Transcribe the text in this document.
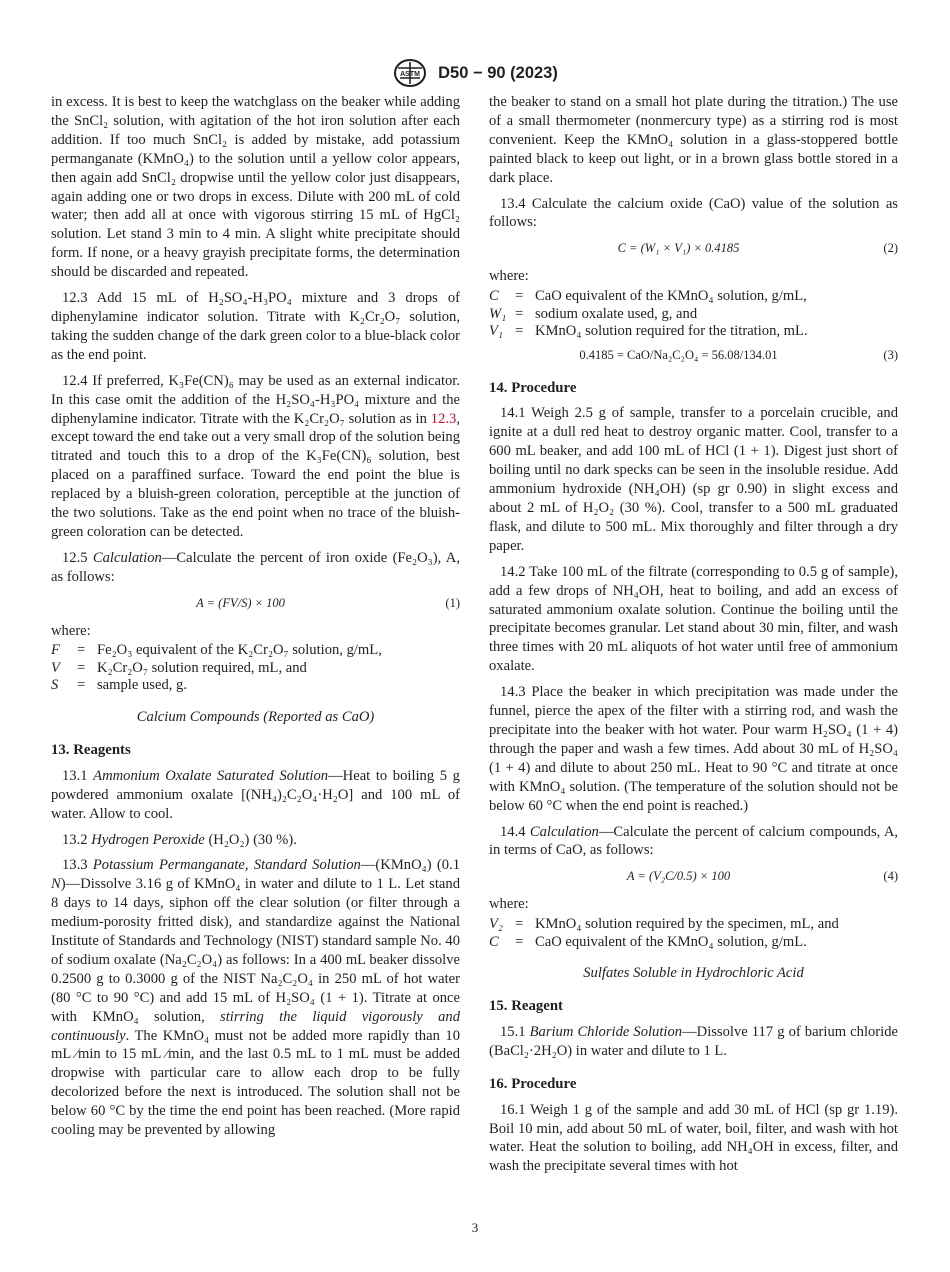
ASTM D50 − 90 (2023)

in excess. It is best to keep the watchglass on the beaker while adding the SnCl₂ solution, with agitation of the hot iron solution after each addition. If too much SnCl₂ is added by mistake, add potassium permanganate (KMnO₄) to the solution until a yellow color appears, then again add SnCl₂ dropwise until the yellow color just disappears, again adding one or two drops in excess. Dilute with 200 mL of cold water; then add all at once with vigorous stirring 15 mL of HgCl₂ solution. Let stand 3 min to 4 min. A slight white precipitate should form. If none, or a heavy grayish precipitate forms, the determination should be discarded and repeated.

12.3 Add 15 mL of H₂SO₄-H₃PO₄ mixture and 3 drops of diphenylamine indicator solution. Titrate with K₂Cr₂O₇ solution, taking the sudden change of the dark green color to a blue-black color as the end point.

12.4 If preferred, K₃Fe(CN)₆ may be used as an external indicator. In this case omit the addition of the H₂SO₄-H₃PO₄ mixture and the diphenylamine indicator. Titrate with the K₂Cr₂O₇ solution as in 12.3, except toward the end take out a very small drop of the solution being titrated and touch this to a drop of the K₃Fe(CN)₆ solution, best placed on a paraffined surface. Toward the end point the blue is replaced by a bluish-green coloration, perceptible at the junction of the two solutions. Take as the end point when no trace of the bluish-green coloration can be detected.

12.5 Calculation—Calculate the percent of iron oxide (Fe₂O₃), A, as follows:

A = (FV/S) × 100	(1)

where:

F	= Fe₂O₃ equivalent of the K₂Cr₂O₇ solution, g/mL,
V	= K₂Cr₂O₇ solution required, mL, and
S	= sample used, g.

Calcium Compounds (Reported as CaO)

13. Reagents

13.1 Ammonium Oxalate Saturated Solution—Heat to boiling 5 g powdered ammonium oxalate [(NH₄)₂C₂O₄·H₂O] and 100 mL of water. Allow to cool.

13.2 Hydrogen Peroxide (H₂O₂) (30 %).

13.3 Potassium Permanganate, Standard Solution—(KMnO₄) (0.1 N)—Dissolve 3.16 g of KMnO₄ in water and dilute to 1 L. Let stand 8 days to 14 days, siphon off the clear solution (or filter through a medium-porosity fritted disk), and standardize against the National Institute of Standards and Technology (NIST) standard sample No. 40 of sodium oxalate (Na₂C₂O₄) as follows: In a 400 mL beaker dissolve 0.2500 g to 0.3000 g of the NIST Na₂C₂O₄ in 250 mL of hot water (80 °C to 90 °C) and add 15 mL of H₂SO₄ (1 + 1). Titrate at once with KMnO₄ solution, stirring the liquid vigorously and continuously. The KMnO₄ must not be added more rapidly than 10 mL ⁄min to 15 mL ⁄min, and the last 0.5 mL to 1 mL must be added dropwise with particular care to allow each drop to be fully decolorized before the next is introduced. The solution shall not be below 60 °C by the time the end point has been reached. (More rapid cooling may be prevented by allowing

the beaker to stand on a small hot plate during the titration.) The use of a small thermometer (nonmercury type) as a stirring rod is most convenient. Keep the KMnO₄ solution in a glass-stoppered bottle painted black to keep out light, or in a brown glass bottle stored in a dark place.

13.4 Calculate the calcium oxide (CaO) value of the solution as follows:

C = (W₁ × V₁) × 0.4185	(2)

where:

C	= CaO equivalent of the KMnO₄ solution, g/mL,
W₁ = sodium oxalate used, g, and
V₁ = KMnO₄ solution required for the titration, mL.
0.4185 = CaO/Na₂C₂O₄ = 56.08/134.01	(3)
14. Procedure

14.1 Weigh 2.5 g of sample, transfer to a porcelain crucible, and ignite at a dull red heat to destroy organic matter. Cool, transfer to a 600 mL beaker, and add 100 mL of HCl (1 + 1). Digest just short of boiling until no dark specks can be seen in the insoluble residue. Add ammonium hydroxide (NH₄OH) (sp gr 0.90) in slight excess and about 2 mL of H₂O₂ (30 %). Cool, transfer to a 500 mL graduated flask, and dilute to 500 mL. Mix thoroughly and filter through a dry paper.

14.2 Take 100 mL of the filtrate (corresponding to 0.5 g of sample), add a few drops of NH₄OH, heat to boiling, and add an excess of saturated ammonium oxalate solution. Continue the boiling until the precipitate becomes granular. Let stand about 30 min, filter, and wash three times with 20 mL aliquots of hot water until free of ammonium oxalate.

14.3 Place the beaker in which precipitation was made under the funnel, pierce the apex of the filter with a stirring rod, and wash the precipitate into the beaker with hot water. Pour warm H₂SO₄ (1 + 4) through the paper and wash a few times. Add about 30 mL of H₂SO₄ (1 + 4) and dilute to about 250 mL. Heat to 90 °C and titrate at once with KMnO₄ solution. (The temperature of the solution should not be below 60 °C when the end point is reached.)

14.4 Calculation—Calculate the percent of calcium compounds, A, in terms of CaO, as follows:

A = (V₂C/0.5) × 100	(4)

where:

V₂ = KMnO₄ solution required by the specimen, mL, and
C	= CaO equivalent of the KMnO₄ solution, g/mL.

Sulfates Soluble in Hydrochloric Acid

15. Reagent

15.1 Barium Chloride Solution—Dissolve 117 g of barium chloride (BaCl₂·2H₂O) in water and dilute to 1 L.

16. Procedure

16.1 Weigh 1 g of the sample and add 30 mL of HCl (sp gr 1.19). Boil 10 min, add about 50 mL of water, boil, filter, and wash with hot water. Heat the solution to boiling, add NH₄OH in excess, filter, and wash the precipitate several times with hot

3
